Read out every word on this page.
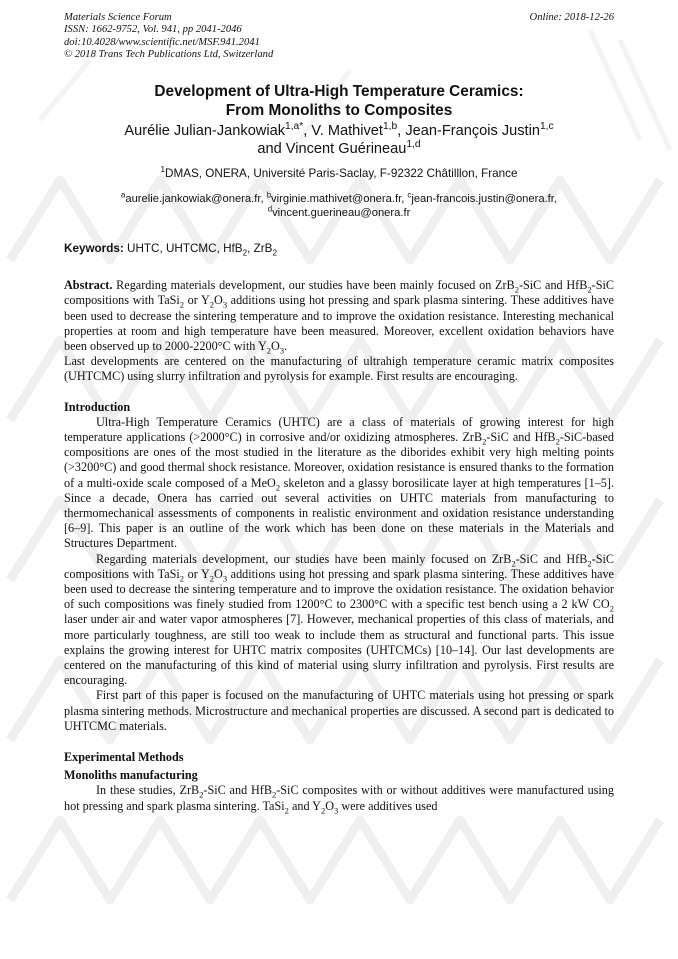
Materials Science Forum
ISSN: 1662-9752, Vol. 941, pp 2041-2046
doi:10.4028/www.scientific.net/MSF.941.2041
© 2018 Trans Tech Publications Ltd, Switzerland
Online: 2018-12-26
Development of Ultra-High Temperature Ceramics:
From Monoliths to Composites
Aurélie Julian-Jankowiak$^{1,a*}$, V. Mathivet$^{1,b}$, Jean-François Justin$^{1,c}$
and Vincent Guérineau$^{1,d}$
$^1$DMAS, ONERA, Université Paris-Saclay, F-92322 Châtilllon, France
$^a$aurelie.jankowiak@onera.fr, $^b$virginie.mathivet@onera.fr, $^c$jean-francois.justin@onera.fr,
$^d$vincent.guerineau@onera.fr
Keywords: UHTC, UHTCMC, HfB$_2$, ZrB$_2$

Abstract. Regarding materials development, our studies have been mainly focused on ZrB$_2$-SiC and HfB$_2$-SiC compositions with TaSi$_2$ or $Y_2O_3$ additions using hot pressing and spark plasma sintering. These additives have been used to decrease the sintering temperature and to improve the oxidation resistance. Interesting mechanical properties at room and high temperature have been measured. Moreover, excellent oxidation behaviors have been observed up to 2000-2200°C with $Y_2O_3$.

Last developments are centered on the manufacturing of ultrahigh temperature ceramic matrix composites (UHTCMC) using slurry infiltration and pyrolysis for example. First results are encouraging.

Introduction

Ultra-High Temperature Ceramics (UHTC) are a class of materials of growing interest for high temperature applications (>2000°C) in corrosive and/or oxidizing atmospheres. ZrB$_2$-SiC and HfB$_2$-SiC-based compositions are ones of the most studied in the literature as the diborides exhibit very high melting points (>3200°C) and good thermal shock resistance. Moreover, oxidation resistance is ensured thanks to the formation of a multi-oxide scale composed of a MeO$_2$ skeleton and a glassy borosilicate layer at high temperatures [1–5]. Since a decade, Onera has carried out several activities on UHTC materials from manufacturing to thermomechanical assessments of components in realistic environment and oxidation resistance understanding [6–9]. This paper is an outline of the work which has been done on these materials in the Materials and Structures Department.

Regarding materials development, our studies have been mainly focused on ZrB$_2$-SiC and HfB$_2$-SiC compositions with TaSi$_2$ or $Y_2O_3$ additions using hot pressing and spark plasma sintering. These additives have been used to decrease the sintering temperature and to improve the oxidation resistance. The oxidation behavior of such compositions was finely studied from 1200°C to 2300°C with a specific test bench using a 2 kW $CO_2$ laser under air and water vapor atmospheres [7]. However, mechanical properties of this class of materials, and more particularly toughness, are still too weak to include them as structural and functional parts. This issue explains the growing interest for UHTC matrix composites (UHTCMCs) [10–14]. Our last developments are centered on the manufacturing of this kind of material using slurry infiltration and pyrolysis. First results are encouraging.

First part of this paper is focused on the manufacturing of UHTC materials using hot pressing or spark plasma sintering methods. Microstructure and mechanical properties are discussed. A second part is dedicated to UHTCMC materials.

Experimental Methods
Monoliths manufacturing

In these studies, ZrB$_2$-SiC and HfB$_2$-SiC composites with or without additives were manufactured using hot pressing and spark plasma sintering. TaSi$_2$ and $Y_2O_3$ were additives used
